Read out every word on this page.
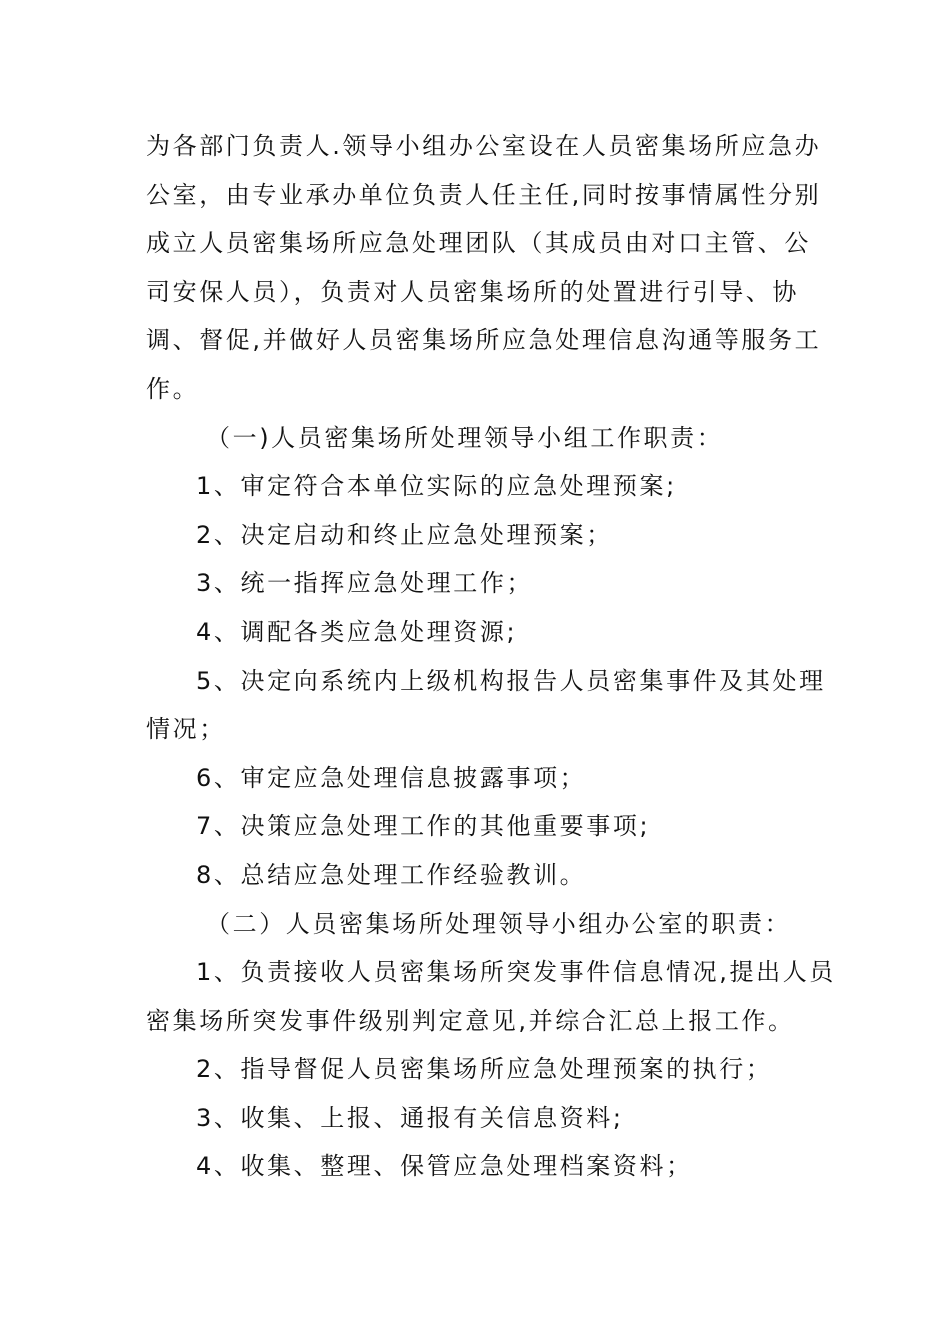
为各部门负责人.领导小组办公室设在人员密集场所应急办
公室，由专业承办单位负责人任主任,同时按事情属性分别
成立人员密集场所应急处理团队（其成员由对口主管、公
司安保人员），负责对人员密集场所的处置进行引导、协
调、督促,并做好人员密集场所应急处理信息沟通等服务工
作。
（一)人员密集场所处理领导小组工作职责：
1、审定符合本单位实际的应急处理预案;
2、决定启动和终止应急处理预案；
3、统一指挥应急处理工作；
4、调配各类应急处理资源;
5、决定向系统内上级机构报告人员密集事件及其处理
情况；
6、审定应急处理信息披露事项；
7、决策应急处理工作的其他重要事项;
8、总结应急处理工作经验教训。
（二）人员密集场所处理领导小组办公室的职责：
1、负责接收人员密集场所突发事件信息情况,提出人员
密集场所突发事件级别判定意见,并综合汇总上报工作。
2、指导督促人员密集场所应急处理预案的执行；
3、收集、上报、通报有关信息资料;
4、收集、整理、保管应急处理档案资料；
